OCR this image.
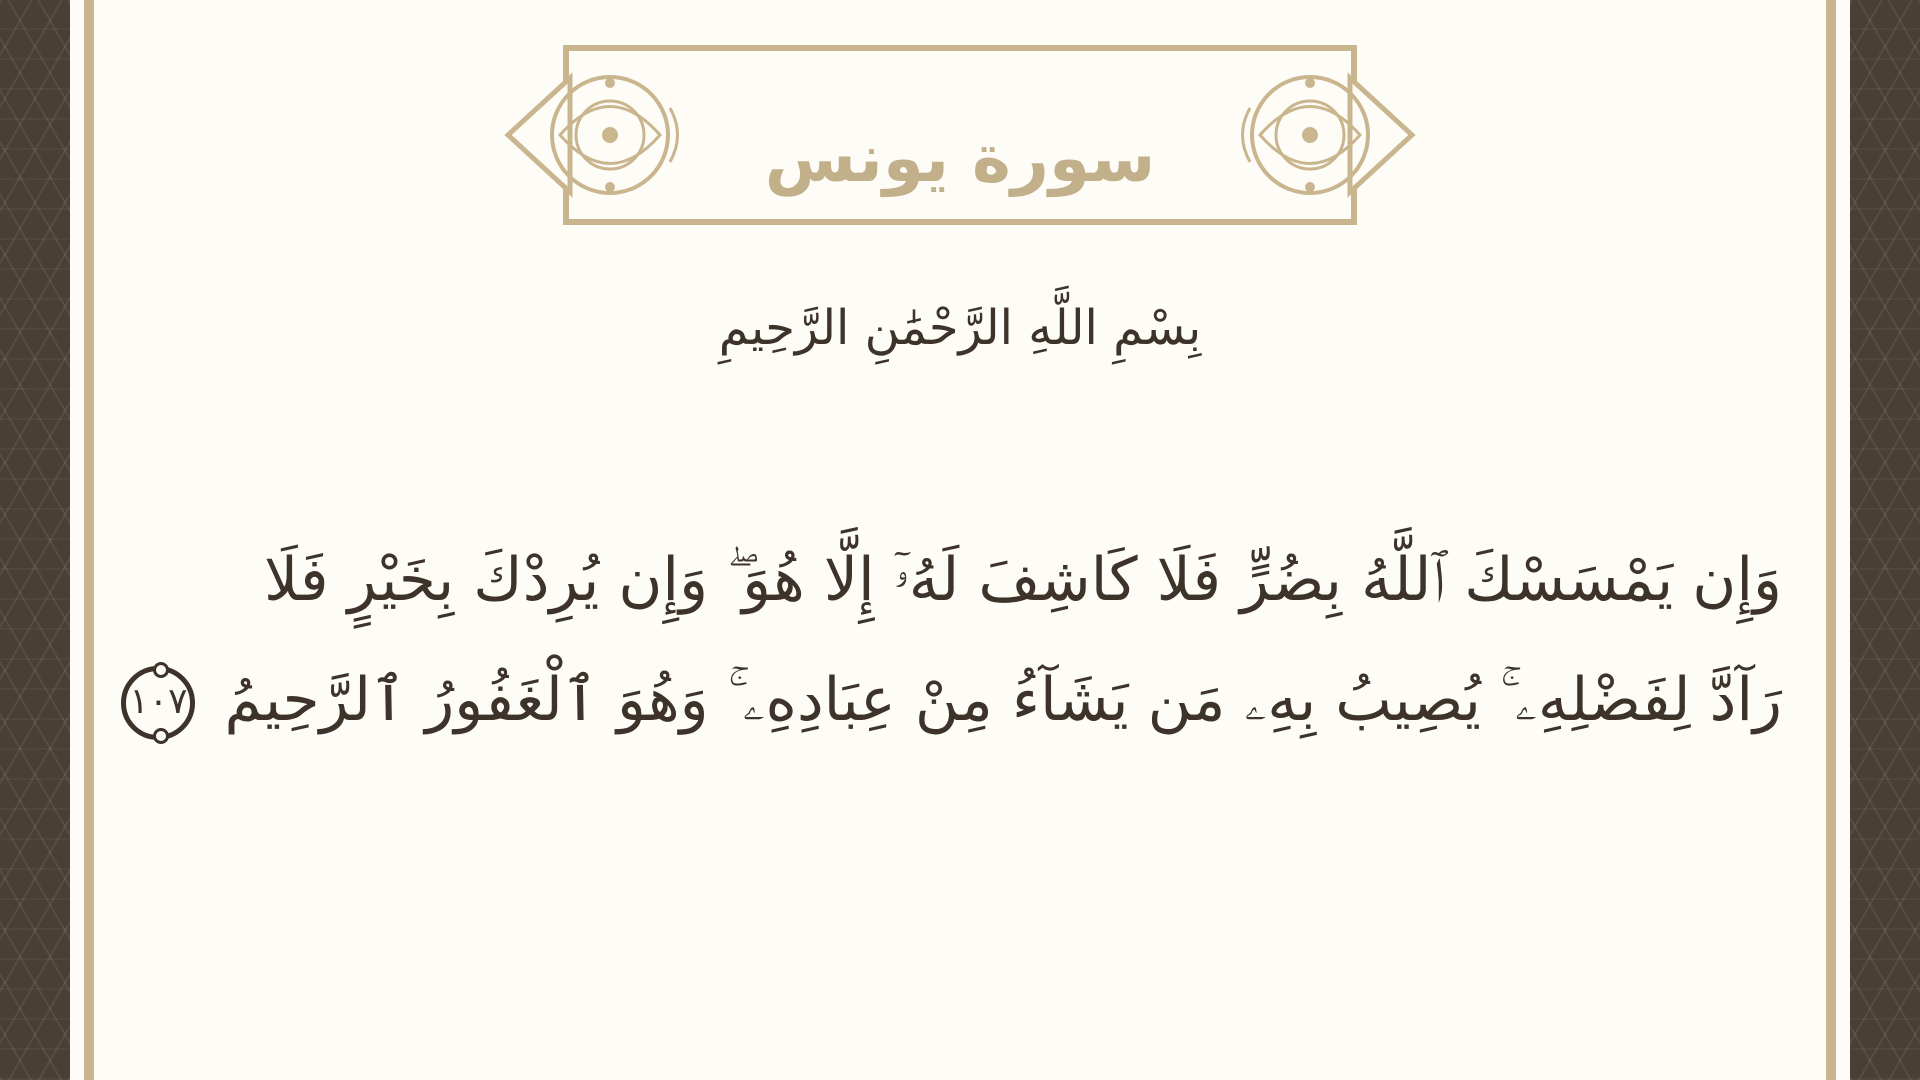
سورة يونس
بِسْمِ اللَّهِ الرَّحْمَٰنِ الرَّحِيمِ
وَإِن يَمْسَسْكَ ٱللَّهُ بِضُرٍّ فَلَا كَاشِفَ لَهُۥٓ إِلَّا هُوَ ۖ وَإِن يُرِدْكَ بِخَيْرٍ فَلَا
رَآدَّ لِفَضْلِهِۦ ۚ يُصِيبُ بِهِۦ مَن يَشَآءُ مِنْ عِبَادِهِۦ ۚ وَهُوَ ٱلْغَفُورُ ٱلرَّحِيمُ ١٠٧
